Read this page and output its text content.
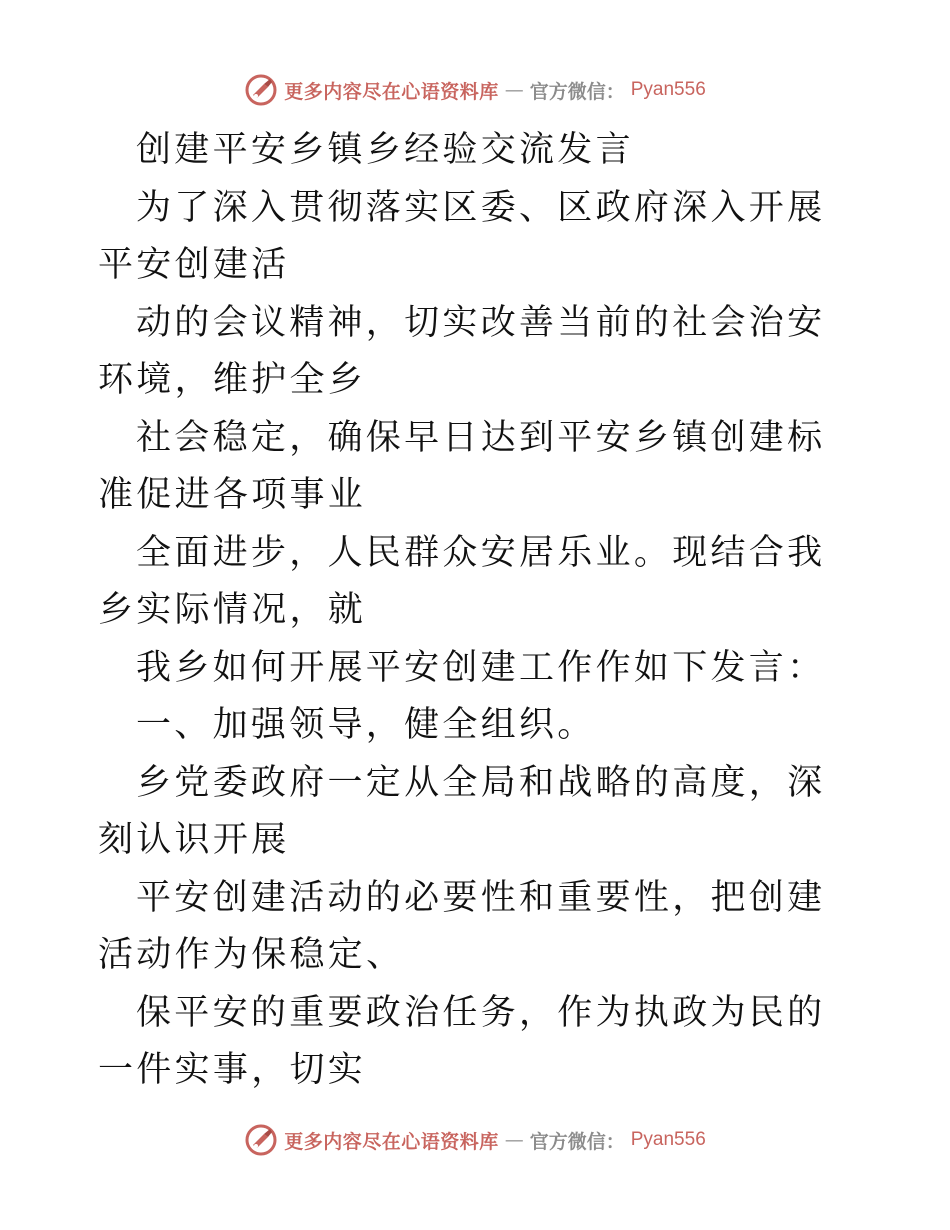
更多内容尽在心语资料库 — 官方微信： Pyan556

创建平安乡镇乡经验交流发言

为了深入贯彻落实区委、区政府深入开展平安创建活

动的会议精神，切实改善当前的社会治安环境，维护全乡

社会稳定，确保早日达到平安乡镇创建标准促进各项事业

全面进步，人民群众安居乐业。现结合我乡实际情况，就

我乡如何开展平安创建工作作如下发言：

一、加强领导，健全组织。

乡党委政府一定从全局和战略的高度，深刻认识开展

平安创建活动的必要性和重要性，把创建活动作为保稳定、

保平安的重要政治任务，作为执政为民的一件实事，切实

更多内容尽在心语资料库 — 官方微信： Pyan556
